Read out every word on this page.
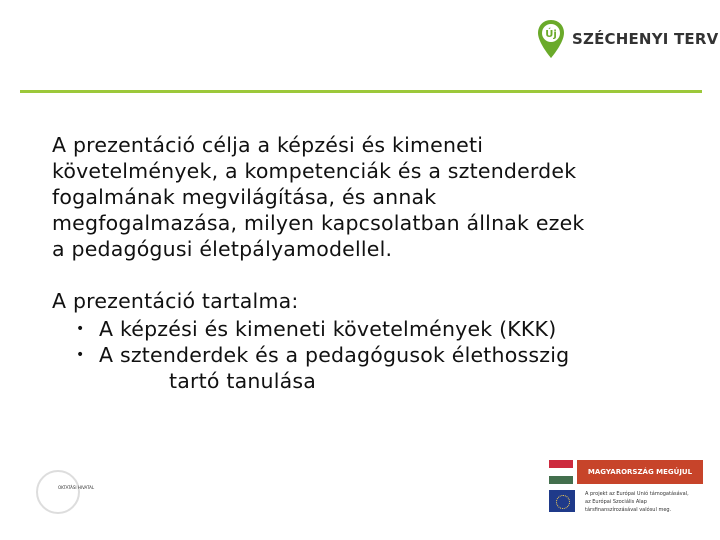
Új SZÉCHENYI TERV

A prezentáció célja a képzési és kimeneti
követelmények, a kompetenciák és a sztenderdek
fogalmának megvilágítása, és annak
megfogalmazása, milyen kapcsolatban állnak ezek
a pedagógusi életpályamodellel.

A prezentáció tartalma:
• A képzési és kimeneti követelmények (KKK)
• A sztenderdek és a pedagógusok élethosszig
tartó tanulása
OKTATÁSI HIVATAL
MAGYARORSZÁG MEGÚJUL
A projekt az Európai Unió támogatásával,
az Európai Szociális Alap
társfinanszírozásával valósul meg.
